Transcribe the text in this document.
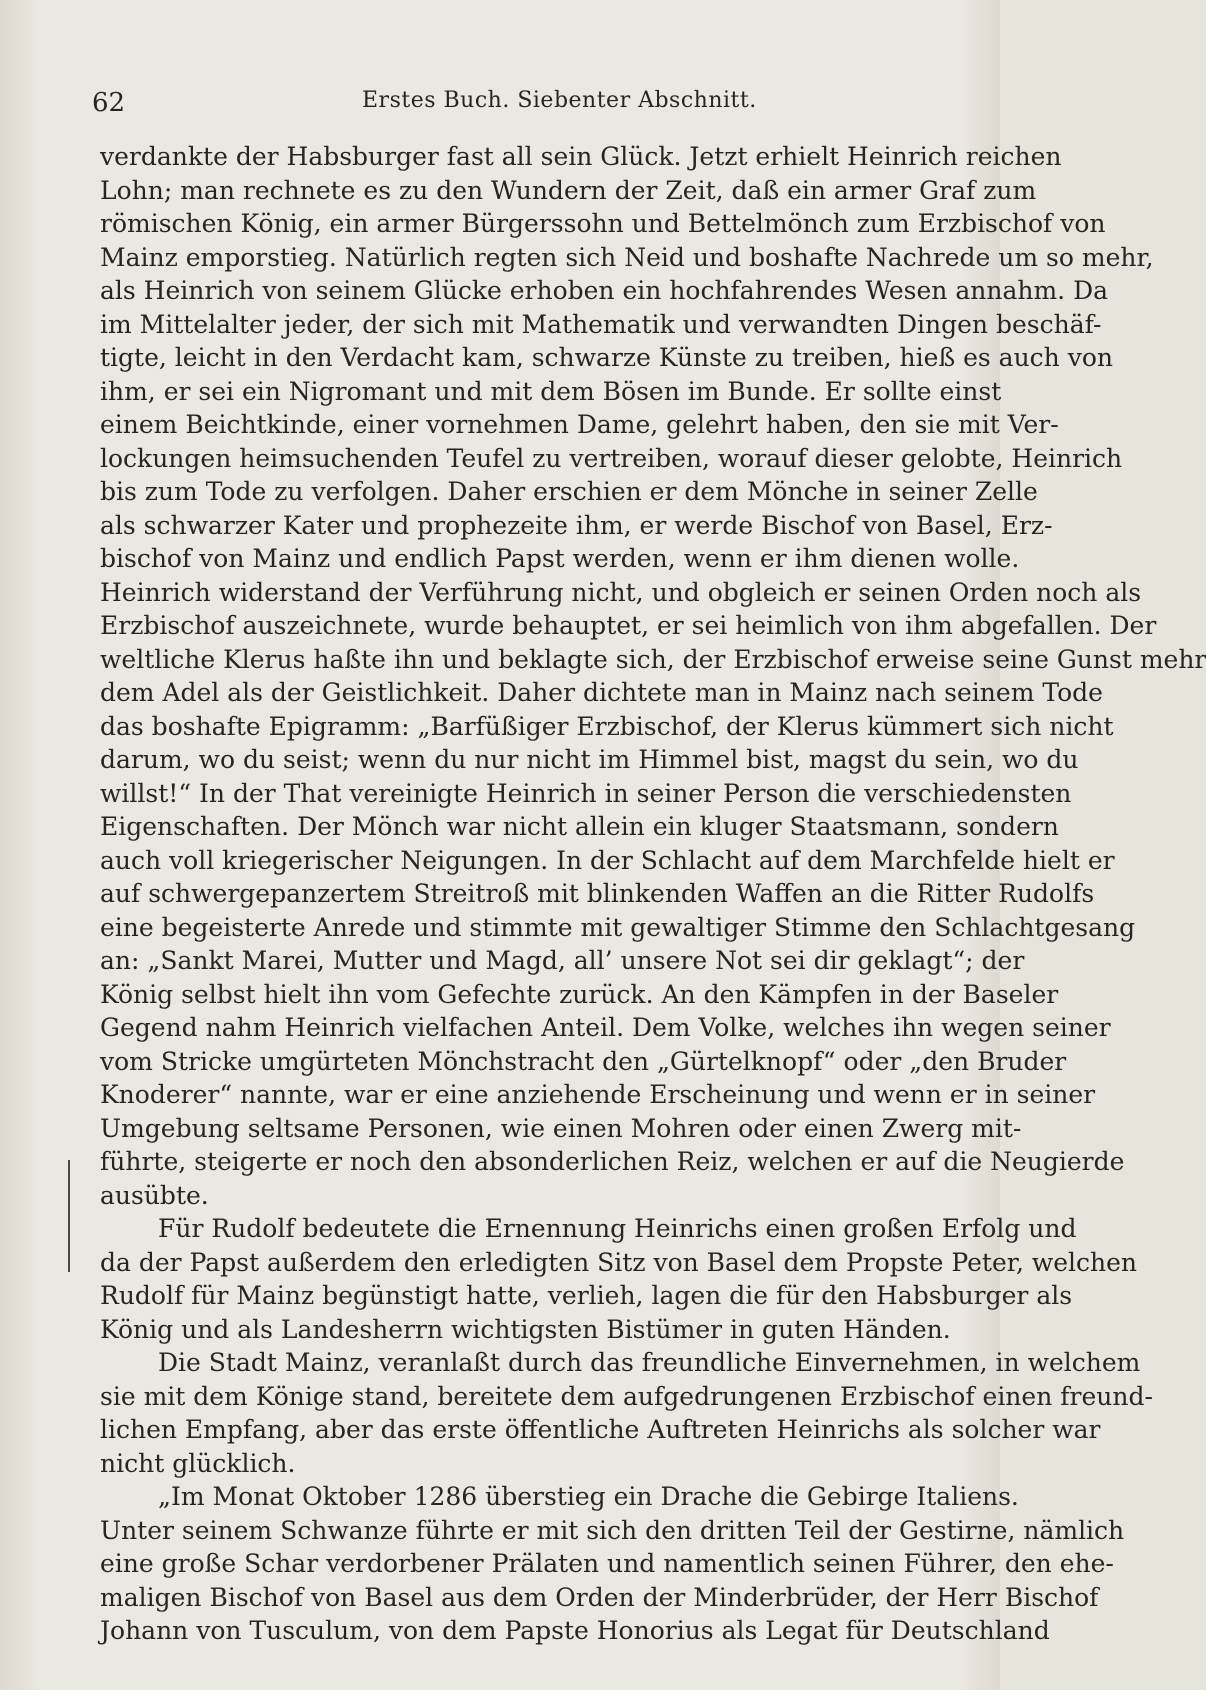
62	Erstes Buch. Siebenter Abschnitt.
verdankte der Habsburger fast all sein Glück. Jetzt erhielt Heinrich reichen
Lohn; man rechnete es zu den Wundern der Zeit, daß ein armer Graf zum
römischen König, ein armer Bürgerssohn und Bettelmönch zum Erzbischof von
Mainz emporstieg. Natürlich regten sich Neid und boshafte Nachrede um so mehr,
als Heinrich von seinem Glücke erhoben ein hochfahrendes Wesen annahm. Da
im Mittelalter jeder, der sich mit Mathematik und verwandten Dingen beschäf-
tigte, leicht in den Verdacht kam, schwarze Künste zu treiben, hieß es auch von
ihm, er sei ein Nigromant und mit dem Bösen im Bunde. Er sollte einst
einem Beichtkinde, einer vornehmen Dame, gelehrt haben, den sie mit Ver-
lockungen heimsuchenden Teufel zu vertreiben, worauf dieser gelobte, Heinrich
bis zum Tode zu verfolgen. Daher erschien er dem Mönche in seiner Zelle
als schwarzer Kater und prophezeite ihm, er werde Bischof von Basel, Erz-
bischof von Mainz und endlich Papst werden, wenn er ihm dienen wolle.
Heinrich widerstand der Verführung nicht, und obgleich er seinen Orden noch als
Erzbischof auszeichnete, wurde behauptet, er sei heimlich von ihm abgefallen. Der
weltliche Klerus haßte ihn und beklagte sich, der Erzbischof erweise seine Gunst mehr
dem Adel als der Geistlichkeit. Daher dichtete man in Mainz nach seinem Tode
das boshafte Epigramm: „Barfüßiger Erzbischof, der Klerus kümmert sich nicht
darum, wo du seist; wenn du nur nicht im Himmel bist, magst du sein, wo du
willst!“ In der That vereinigte Heinrich in seiner Person die verschiedensten
Eigenschaften. Der Mönch war nicht allein ein kluger Staatsmann, sondern
auch voll kriegerischer Neigungen. In der Schlacht auf dem Marchfelde hielt er
auf schwergepanzertem Streitroß mit blinkenden Waffen an die Ritter Rudolfs
eine begeisterte Anrede und stimmte mit gewaltiger Stimme den Schlachtgesang
an: „Sankt Marei, Mutter und Magd, all’ unsere Not sei dir geklagt“; der
König selbst hielt ihn vom Gefechte zurück. An den Kämpfen in der Baseler
Gegend nahm Heinrich vielfachen Anteil. Dem Volke, welches ihn wegen seiner
vom Stricke umgürteten Mönchstracht den „Gürtelknopf“ oder „den Bruder
Knoderer“ nannte, war er eine anziehende Erscheinung und wenn er in seiner
Umgebung seltsame Personen, wie einen Mohren oder einen Zwerg mit-
führte, steigerte er noch den absonderlichen Reiz, welchen er auf die Neugierde
ausübte.
Für Rudolf bedeutete die Ernennung Heinrichs einen großen Erfolg und
da der Papst außerdem den erledigten Sitz von Basel dem Propste Peter, welchen
Rudolf für Mainz begünstigt hatte, verlieh, lagen die für den Habsburger als
König und als Landesherrn wichtigsten Bistümer in guten Händen.
Die Stadt Mainz, veranlaßt durch das freundliche Einvernehmen, in welchem
sie mit dem Könige stand, bereitete dem aufgedrungenen Erzbischof einen freund-
lichen Empfang, aber das erste öffentliche Auftreten Heinrichs als solcher war
nicht glücklich.
„Im Monat Oktober 1286 überstieg ein Drache die Gebirge Italiens.
Unter seinem Schwanze führte er mit sich den dritten Teil der Gestirne, nämlich
eine große Schar verdorbener Prälaten und namentlich seinen Führer, den ehe-
maligen Bischof von Basel aus dem Orden der Minderbrüder, der Herr Bischof
Johann von Tusculum, von dem Papste Honorius als Legat für Deutschland
